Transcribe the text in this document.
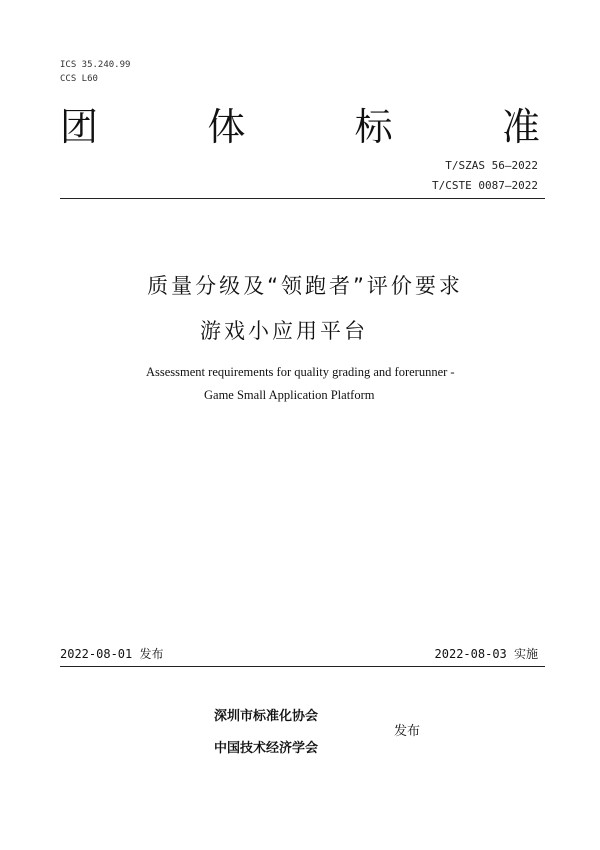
ICS 35.240.99
CCS L60
团	体	标	准
T/SZAS 56—2022
T/CSTE 0087—2022
质量分级及“领跑者”评价要求
游戏小应用平台
Assessment requirements for quality grading and forerunner -
Game Small Application Platform
2022-08-01 发布	2022-08-03 实施
深圳市标准化协会
中国技术经济学会
发布
